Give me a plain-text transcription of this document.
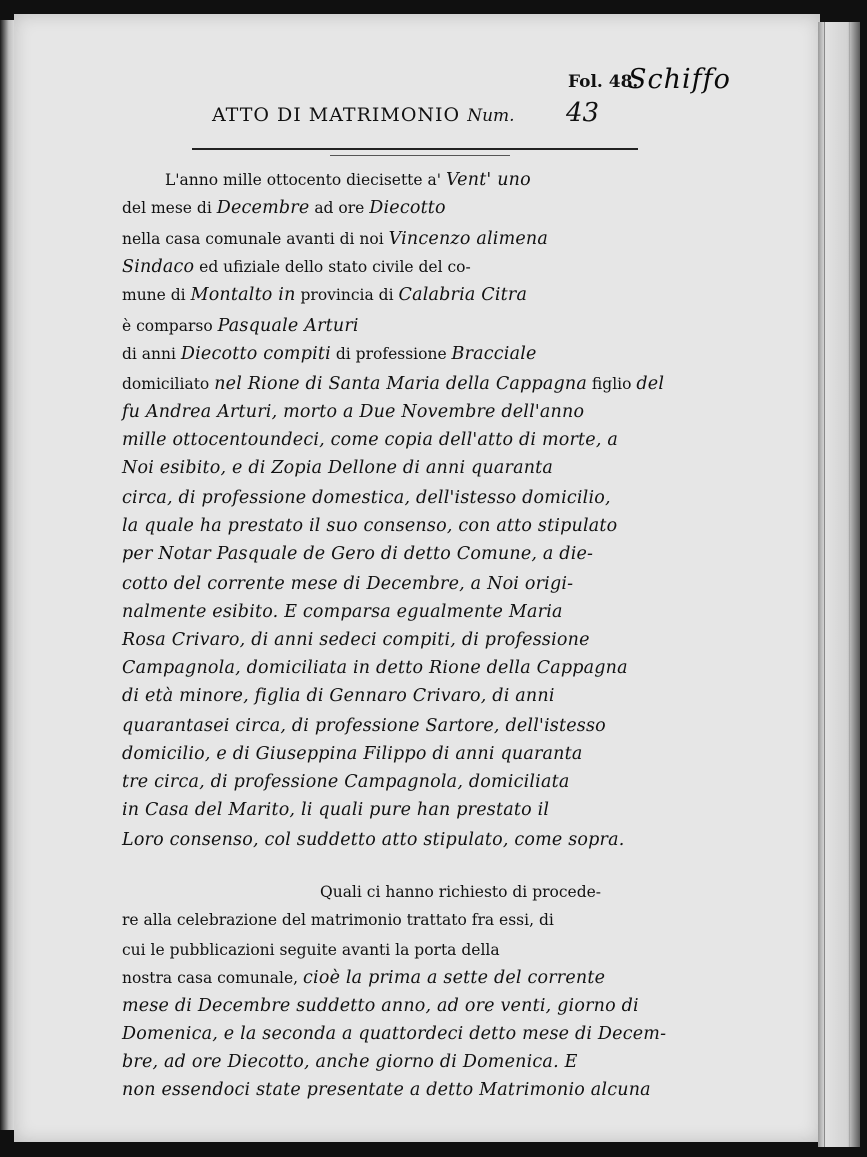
Fol. 48.
Schiffo
ATTO DI MATRIMONIO Num. 43
L'anno mille ottocento diecisette a' Vent' uno
del mese di Decembre ad ore Diecotto
nella casa comunale avanti di noi Vincenzo alimena
Sindaco ed ufiziale dello stato civile del co-
mune di Montalto in provincia di Calabria Citra
è comparso Pasquale Arturi
di anni Diecotto compiti di professione Bracciale
domiciliato nel Rione di Santa Maria della Cappagna figlio del
fu Andrea Arturi, morto a Due Novembre dell'anno
mille ottocentoundeci, come copia dell'atto di morte, a
Noi esibito, e di Zopia Dellone di anni quaranta
circa, di professione domestica, dell'istesso domicilio,
la quale ha prestato il suo consenso, con atto stipulato
per Notar Pasquale de Gero di detto Comune, a die-
cotto del corrente mese di Decembre, a Noi origi-
nalmente esibito. E comparsa egualmente Maria
Rosa Crivaro, di anni sedeci compiti, di professione
Campagnola, domiciliata in detto Rione della Cappagna
di età minore, figlia di Gennaro Crivaro, di anni
quarantasei circa, di professione Sartore, dell'istesso
domicilio, e di Giuseppina Filippo di anni quaranta
tre circa, di professione Campagnola, domiciliata
in Casa del Marito, li quali pure han prestato il
Loro consenso, col suddetto atto stipulato, come sopra.
Quali ci hanno richiesto di procede-
re alla celebrazione del matrimonio trattato fra essi, di
cui le pubblicazioni seguite avanti la porta della
nostra casa comunale, cioè la prima a sette del corrente
mese di Decembre suddetto anno, ad ore venti, giorno di
Domenica, e la seconda a quattordeci detto mese di Decem-
bre, ad ore Diecotto, anche giorno di Domenica. E
non essendoci state presentate a detto Matrimonio alcuna
